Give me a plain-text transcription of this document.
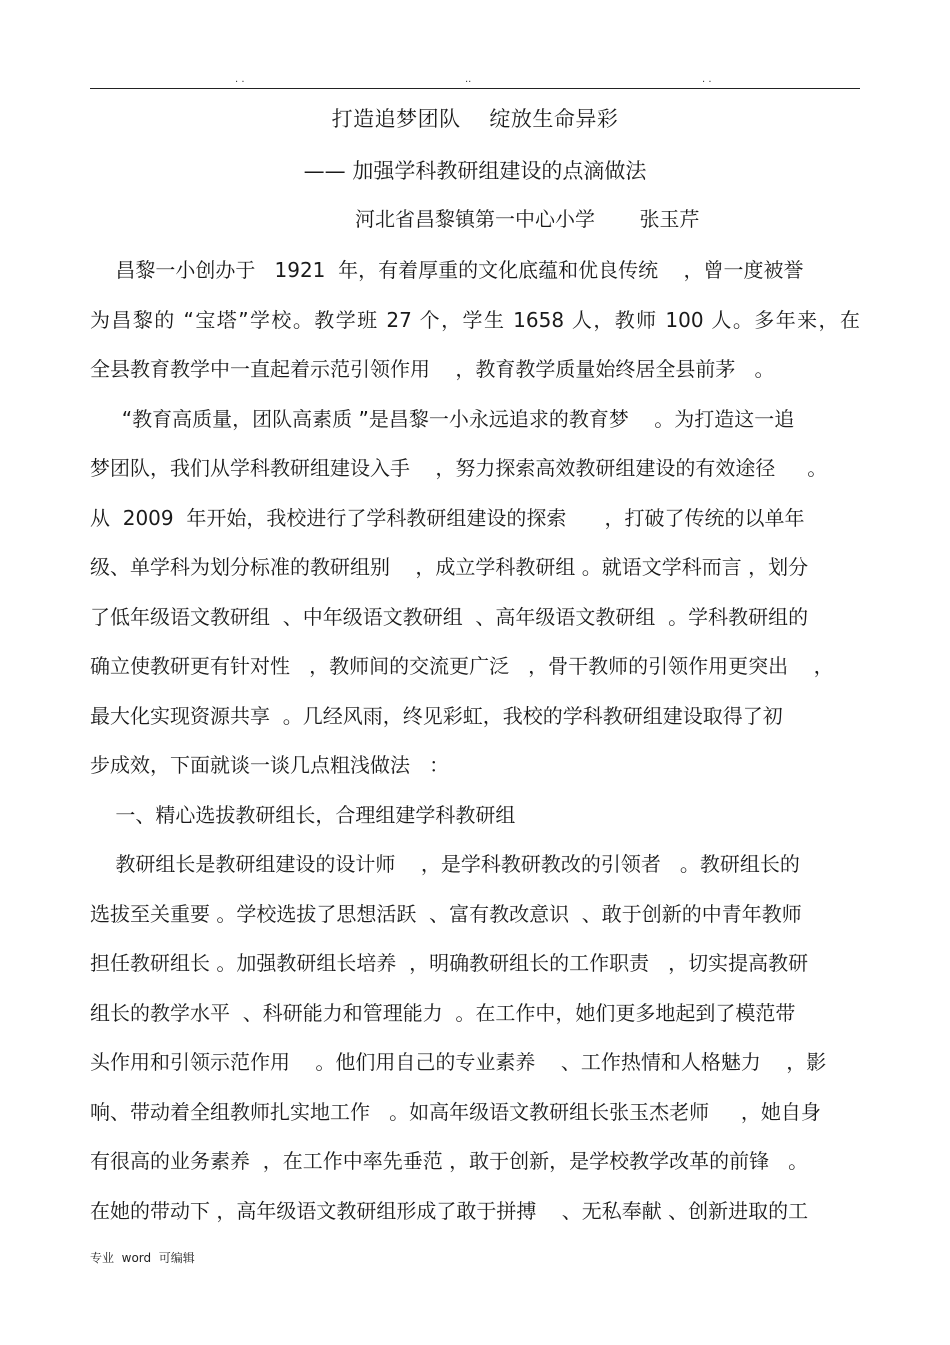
. .	..	. .
打造追梦团队    绽放生命异彩
—— 加强学科教研组建设的点滴做法
河北省昌黎镇第一中心小学       张玉芹
昌黎一小创办于   1921  年，有着厚重的文化底蕴和优良传统    ，曾一度被誉
为昌黎的 “宝塔”学校。教学班 27 个，学生 1658 人，教师 100 人。多年来，在
全县教育教学中一直起着示范引领作用    ，教育教学质量始终居全县前茅   。
“教育高质量，团队高素质 ”是昌黎一小永远追求的教育梦    。为打造这一追
梦团队，我们从学科教研组建设入手    ，努力探索高效教研组建设的有效途径     。
从  2009  年开始，我校进行了学科教研组建设的探索      ，打破了传统的以单年
级、单学科为划分标准的教研组别    ，成立学科教研组 。就语文学科而言 ，划分
了低年级语文教研组  、中年级语文教研组  、高年级语文教研组  。学科教研组的
确立使教研更有针对性   ，教师间的交流更广泛   ，骨干教师的引领作用更突出    ，
最大化实现资源共享  。几经风雨，终见彩虹，我校的学科教研组建设取得了初
步成效，下面就谈一谈几点粗浅做法   ：
一、精心选拔教研组长，合理组建学科教研组
教研组长是教研组建设的设计师    ，是学科教研教改的引领者   。教研组长的
选拔至关重要 。学校选拔了思想活跃  、富有教改意识  、敢于创新的中青年教师
担任教研组长 。加强教研组长培养  ，明确教研组长的工作职责   ，切实提高教研
组长的教学水平  、科研能力和管理能力  。在工作中，她们更多地起到了模范带
头作用和引领示范作用    。他们用自己的专业素养    、工作热情和人格魅力    ，影
响、带动着全组教师扎实地工作   。如高年级语文教研组长张玉杰老师     ，她自身
有很高的业务素养  ，在工作中率先垂范 ，敢于创新，是学校教学改革的前锋   。
在她的带动下 ，高年级语文教研组形成了敢于拼搏    、无私奉献 、创新进取的工
专业  word  可编辑
